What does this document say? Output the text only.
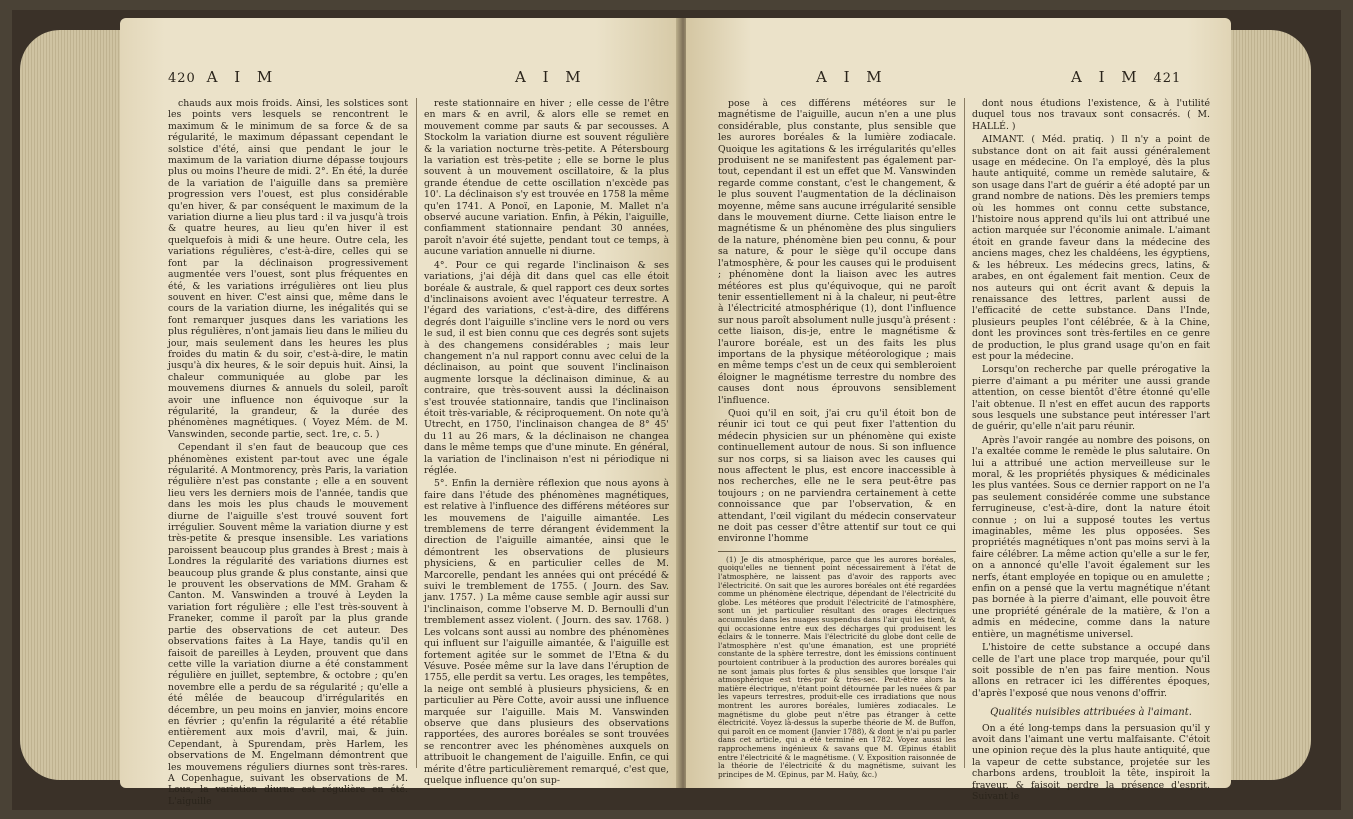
420 A I M	A I M

chauds aux mois froids. Ainsi, les solstices sont les points vers lesquels se rencontrent le maximum & le minimum de sa force & de sa régularité, le maximum dépassant cependant le solstice d'été, ainsi que pendant le jour le maximum de la variation diurne dépasse toujours plus ou moins l'heure de midi. 2°. En été, la durée de la variation de l'aiguille dans sa première progression vers l'ouest, est plus considérable qu'en hiver, & par conséquent le maximum de la variation diurne a lieu plus tard : il va jusqu'à trois & quatre heures, au lieu qu'en hiver il est quelquefois à midi & une heure. Outre cela, les variations régulières, c'est-à-dire, celles qui se font par la déclinaison progressivement augmentée vers l'ouest, sont plus fréquentes en été, & les variations irrégulières ont lieu plus souvent en hiver. C'est ainsi que, même dans le cours de la variation diurne, les inégalités qui se font remarquer jusques dans les variations les plus régulières, n'ont jamais lieu dans le milieu du jour, mais seulement dans les heures les plus froides du matin & du soir, c'est-à-dire, le matin jusqu'à dix heures, & le soir depuis huit. Ainsi, la chaleur communiquée au globe par les mouvemens diurnes & annuels du soleil, paroît avoir une influence non équivoque sur la régularité, la grandeur, & la durée des phénomènes magnétiques. ( Voyez Mém. de M. Vanswinden, seconde partie, sect. 1re, c. 5. )

Cependant il s'en faut de beaucoup que ces phénomènes existent par-tout avec une égale régularité. A Montmorency, près Paris, la variation régulière n'est pas constante ; elle a en souvent lieu vers les derniers mois de l'année, tandis que dans les mois les plus chauds le mouvement diurne de l'aiguille s'est trouvé souvent fort irrégulier. Souvent même la variation diurne y est très-petite & presque insensible. Les variations paroissent beaucoup plus grandes à Brest ; mais à Londres la régularité des variations diurnes est beaucoup plus grande & plus constante, ainsi que le prouvent les observations de MM. Graham & Canton. M. Vanswinden a trouvé à Leyden la variation fort régulière ; elle l'est très-souvent à Franeker, comme il paroît par la plus grande partie des observations de cet auteur. Des observations faites à La Haye, tandis qu'il en faisoit de pareilles à Leyden, prouvent que dans cette ville la variation diurne a été constamment régulière en juillet, septembre, & octobre ; qu'en novembre elle a perdu de sa régularité ; qu'elle a été mêlée de beaucoup d'irrégularités en décembre, un peu moins en janvier, moins encore en février ; qu'enfin la régularité a été rétablie entièrement aux mois d'avril, mai, & juin. Cependant, à Spurendam, près Harlem, les observations de M. Engelmann démontrent que les mouvemens réguliers diurnes sont très-rares. A Copenhague, suivant les observations de M. Lous, la variation diurne est régulière en été. L'aiguille

reste stationnaire en hiver ; elle cesse de l'être en mars & en avril, & alors elle se remet en mouvement comme par sauts & par secousses. A Stockolm la variation diurne est souvent régulière & la variation nocturne très-petite. A Pétersbourg la variation est très-petite ; elle se borne le plus souvent à un mouvement oscillatoire, & la plus grande étendue de cette oscillation n'excède pas 10'. La déclinaison s'y est trouvée en 1758 la même qu'en 1741. A Ponoï, en Laponie, M. Mallet n'a observé aucune variation. Enfin, à Pékin, l'aiguille, confiamment stationnaire pendant 30 années, paroît n'avoir été sujette, pendant tout ce temps, à aucune variation annuelle ni diurne.

4°. Pour ce qui regarde l'inclinaison & ses variations, j'ai déjà dit dans quel cas elle étoit boréale & australe, & quel rapport ces deux sortes d'inclinaisons avoient avec l'équateur terrestre. A l'égard des variations, c'est-à-dire, des différens degrés dont l'aiguille s'incline vers le nord ou vers le sud, il est bien connu que ces degrés sont sujets à des changemens considérables ; mais leur changement n'a nul rapport connu avec celui de la déclinaison, au point que souvent l'inclinaison augmente lorsque la déclinaison diminue, & au contraire, que très-souvent aussi la déclinaison s'est trouvée stationnaire, tandis que l'inclinaison étoit très-variable, & réciproquement. On note qu'à Utrecht, en 1750, l'inclinaison changea de 8° 45' du 11 au 26 mars, & la déclinaison ne changea dans le même temps que d'une minute. En général, la variation de l'inclinaison n'est ni périodique ni réglée.

5°. Enfin la dernière réflexion que nous ayons à faire dans l'étude des phénomènes magnétiques, est relative à l'influence des différens météores sur les mouvemens de l'aiguille aimantée. Les tremblemens de terre dérangent évidemment la direction de l'aiguille aimantée, ainsi que le démontrent les observations de plusieurs physiciens, & en particulier celles de M. Marcorelle, pendant les années qui ont précédé & suivi le tremblement de 1755. ( Journ. des Sav. janv. 1757. ) La même cause semble agir aussi sur l'inclinaison, comme l'observe M. D. Bernoulli d'un tremblement assez violent. ( Journ. des sav. 1768. ) Les volcans sont aussi au nombre des phénomènes qui influent sur l'aiguille aimantée, & l'aiguille est fortement agitée sur le sommet de l'Etna & du Vésuve. Posée même sur la lave dans l'éruption de 1755, elle perdit sa vertu. Les orages, les tempêtes, la neige ont semblé à plusieurs physiciens, & en particulier au Père Cotte, avoir aussi une influence marquée sur l'aiguille. Mais M. Vanswinden observe que dans plusieurs des observations rapportées, des aurores boréales se sont trouvées se rencontrer avec les phénomènes auxquels on attribuoit le changement de l'aiguille. Enfin, ce qui mérite d'être particulièrement remarqué, c'est que, quelque influence qu'on sup-

A I M	A I M 421

pose à ces différens météores sur le magnétisme de l'aiguille, aucun n'en a une plus considérable, plus constante, plus sensible que les aurores boréales & la lumière zodiacale. Quoique les agitations & les irrégularités qu'elles produisent ne se manifestent pas également par-tout, cependant il est un effet que M. Vanswinden regarde comme constant, c'est le changement, & le plus souvent l'augmentation de la déclinaison moyenne, même sans aucune irrégularité sensible dans le mouvement diurne. Cette liaison entre le magnétisme & un phénomène des plus singuliers de la nature, phénomène bien peu connu, & pour sa nature, & pour le siège qu'il occupe dans l'atmosphère, & pour les causes qui le produisent ; phénomène dont la liaison avec les autres météores est plus qu'équivoque, qui ne paroît tenir essentiellement ni à la chaleur, ni peut-être à l'électricité atmosphérique (1), dont l'influence sur nous paroît absolument nulle jusqu'à présent : cette liaison, dis-je, entre le magnétisme & l'aurore boréale, est un des faits les plus importans de la physique météorologique ; mais en même temps c'est un de ceux qui sembleroient éloigner le magnétisme terrestre du nombre des causes dont nous éprouvons sensiblement l'influence.

Quoi qu'il en soit, j'ai cru qu'il étoit bon de réunir ici tout ce qui peut fixer l'attention du médecin physicien sur un phénomène qui existe continuellement autour de nous. Si son influence sur nos corps, si sa liaison avec les causes qui nous affectent le plus, est encore inaccessible à nos recherches, elle ne le sera peut-être pas toujours ; on ne parviendra certainement à cette connoissance que par l'observation, & en attendant, l'œil vigilant du médecin conservateur ne doit pas cesser d'être attentif sur tout ce qui environne l'homme

(1) Je dis atmosphérique, parce que les aurores boréales, quoiqu'elles ne tiennent point nécessairement à l'état de l'atmosphère, ne laissent pas d'avoir des rapports avec l'électricité. On sait que les aurores boréales ont été regardées comme un phénomène électrique, dépendant de l'électricité du globe. Les météores que produit l'électricité de l'atmosphère, sont un jet particulier résultant des orages électriques accumulés dans les nuages suspendus dans l'air qui les tient, & qui occasionne entre eux des décharges qui produisent les éclairs & le tonnerre. Mais l'électricité du globe dont celle de l'atmosphère n'est qu'une émanation, est une propriété constante de la sphère terrestre, dont les émissions continuent pourtoient contribuer à la production des aurores boréales qui ne sont jamais plus fortes & plus sensibles que lorsque l'air atmosphérique est très-pur & très-sec. Peut-être alors la matière électrique, n'étant point détournée par les nuées & par les vapeurs terrestres, produit-elle ces irradiations que nous montrent les aurores boréales, lumières zodiacales. Le magnétisme du globe peut n'être pas étranger à cette électricité. Voyez là-dessus la superbe théorie de M. de Buffon, qui paroît en ce moment (Janvier 1788), & dont je n'ai pu parler dans cet article, qui a été terminé en 1782. Voyez aussi les rapprochemens ingénieux & savans que M. Œpinus établit entre l'électricité & le magnétisme. ( V. Exposition raisonnée de la théorie de l'électricité & du magnétisme, suivant les principes de M. Œpinus, par M. Haüy, &c.)

dont nous étudions l'existence, & à l'utilité duquel tous nos travaux sont consacrés. ( M. HALLÉ. )

AIMANT. ( Méd. pratiq. ) Il n'y a point de substance dont on ait fait aussi généralement usage en médecine. On l'a employé, dès la plus haute antiquité, comme un remède salutaire, & son usage dans l'art de guérir a été adopté par un grand nombre de nations. Dès les premiers temps où les hommes ont connu cette substance, l'histoire nous apprend qu'ils lui ont attribué une action marquée sur l'économie animale. L'aimant étoit en grande faveur dans la médecine des anciens mages, chez les chaldéens, les égyptiens, & les hébreux. Les médecins grecs, latins, & arabes, en ont également fait mention. Ceux de nos auteurs qui ont écrit avant & depuis la renaissance des lettres, parlent aussi de l'efficacité de cette substance. Dans l'Inde, plusieurs peuples l'ont célébrée, & à la Chine, dont les provinces sont très-fertiles en ce genre de production, le plus grand usage qu'on en fait est pour la médecine.

Lorsqu'on recherche par quelle prérogative la pierre d'aimant a pu mériter une aussi grande attention, on cesse bientôt d'être étonné qu'elle l'ait obtenue. Il n'est en effet aucun des rapports sous lesquels une substance peut intéresser l'art de guérir, qu'elle n'ait paru réunir.

Après l'avoir rangée au nombre des poisons, on l'a exaltée comme le remède le plus salutaire. On lui a attribué une action merveilleuse sur le moral, & les propriétés physiques & médicinales les plus vantées. Sous ce dernier rapport on ne l'a pas seulement considérée comme une substance ferrugineuse, c'est-à-dire, dont la nature étoit connue ; on lui a supposé toutes les vertus imaginables, même les plus opposées. Ses propriétés magnétiques n'ont pas moins servi à la faire célébrer. La même action qu'elle a sur le fer, on a annoncé qu'elle l'avoit également sur les nerfs, étant employée en topique ou en amulette ; enfin on a pensé que la vertu magnétique n'étant pas bornée à la pierre d'aimant, elle pouvoit être une propriété générale de la matière, & l'on a admis en médecine, comme dans la nature entière, un magnétisme universel.

L'histoire de cette substance a occupé dans celle de l'art une place trop marquée, pour qu'il soit possible de n'en pas faire mention. Nous allons en retracer ici les différentes époques, d'après l'exposé que nous venons d'offrir.

Qualités nuisibles attribuées à l'aimant.

On a été long-temps dans la persuasion qu'il y avoit dans l'aimant une vertu malfaisante. C'étoit une opinion reçue dès la plus haute antiquité, que la vapeur de cette substance, projetée sur les charbons ardens, troubloit la tête, inspiroit la frayeur, & faisoit perdre la présence d'esprit. Suivant le
